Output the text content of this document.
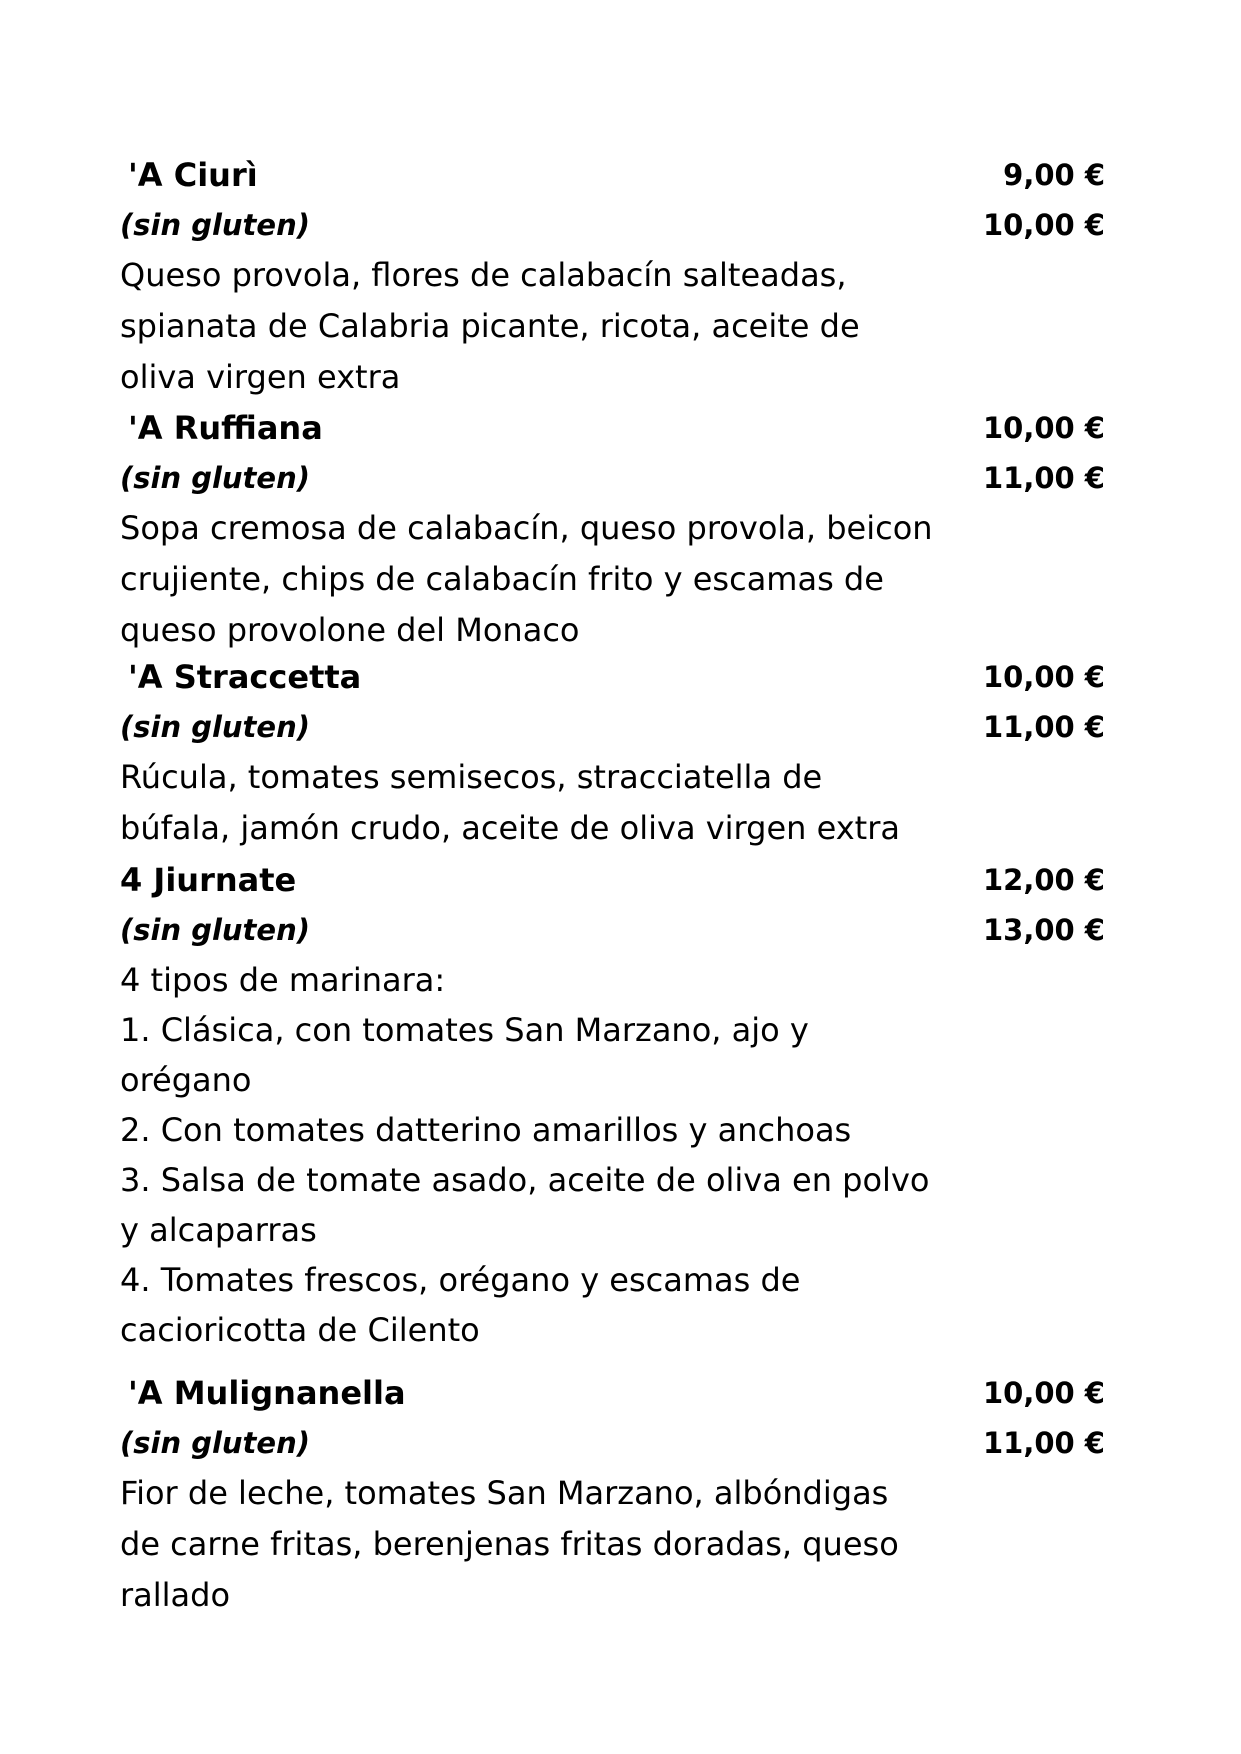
'A Ciurì	9,00 €
(sin gluten)	10,00 €
Queso provola, flores de calabacín salteadas,
spianata de Calabria picante, ricota, aceite de
oliva virgen extra
'A Ruffiana	10,00 €
(sin gluten)	11,00 €
Sopa cremosa de calabacín, queso provola, beicon
crujiente, chips de calabacín frito y escamas de
queso provolone del Monaco
'A Straccetta	10,00 €
(sin gluten)	11,00 €
Rúcula, tomates semisecos, stracciatella de
búfala, jamón crudo, aceite de oliva virgen extra
4 Jiurnate	12,00 €
(sin gluten)	13,00 €
4 tipos de marinara:
1. Clásica, con tomates San Marzano, ajo y
orégano
2. Con tomates datterino amarillos y anchoas
3. Salsa de tomate asado, aceite de oliva en polvo
y alcaparras
4. Tomates frescos, orégano y escamas de
cacioricotta de Cilento
'A Mulignanella	10,00 €
(sin gluten)	11,00 €
Fior de leche, tomates San Marzano, albóndigas
de carne fritas, berenjenas fritas doradas, queso
rallado
